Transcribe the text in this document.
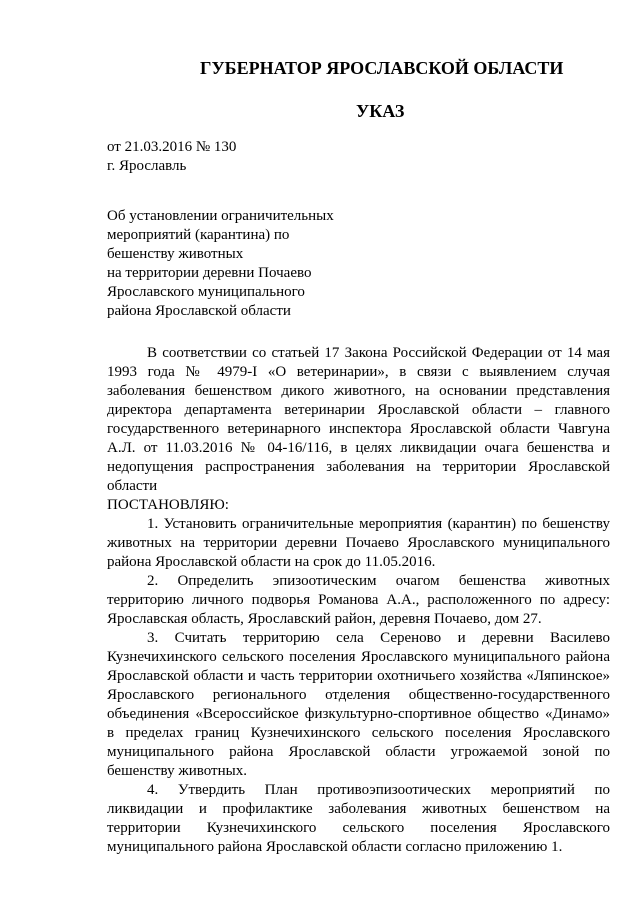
ГУБЕРНАТОР ЯРОСЛАВСКОЙ ОБЛАСТИ
УКАЗ
от 21.03.2016 № 130
г. Ярославль
Об установлении ограничительных
мероприятий (карантина) по
бешенству животных
на территории деревни Почаево
Ярославского муниципального
района Ярославской области

В соответствии со статьей 17 Закона Российской Федерации от 14 мая 1993 года № 4979-I «О ветеринарии», в связи с выявлением случая заболевания бешенством дикого животного, на основании представления директора департамента ветеринарии Ярославской области – главного государственного ветеринарного инспектора Ярославской области Чавгуна А.Л. от 11.03.2016 № 04-16/116, в целях ликвидации очага бешенства и недопущения распространения заболевания на территории Ярославской области

ПОСТАНОВЛЯЮ:

1. Установить ограничительные мероприятия (карантин) по бешенству животных на территории деревни Почаево Ярославского муниципального района Ярославской области на срок до 11.05.2016.

2. Определить эпизоотическим очагом бешенства животных территорию личного подворья Романова А.А., расположенного по адресу: Ярославская область, Ярославский район, деревня Почаево, дом 27.

3. Считать территорию села Сереново и деревни Василево Кузнечихинского сельского поселения Ярославского муниципального района Ярославской области и часть территории охотничьего хозяйства «Ляпинское» Ярославского регионального отделения общественно-государственного объединения «Всероссийское физкультурно-спортивное общество «Динамо» в пределах границ Кузнечихинского сельского поселения Ярославского муниципального района Ярославской области угрожаемой зоной по бешенству животных.

4. Утвердить План противоэпизоотических мероприятий по ликвидации и профилактике заболевания животных бешенством на территории Кузнечихинского сельского поселения Ярославского муниципального района Ярославской области согласно приложению 1.
